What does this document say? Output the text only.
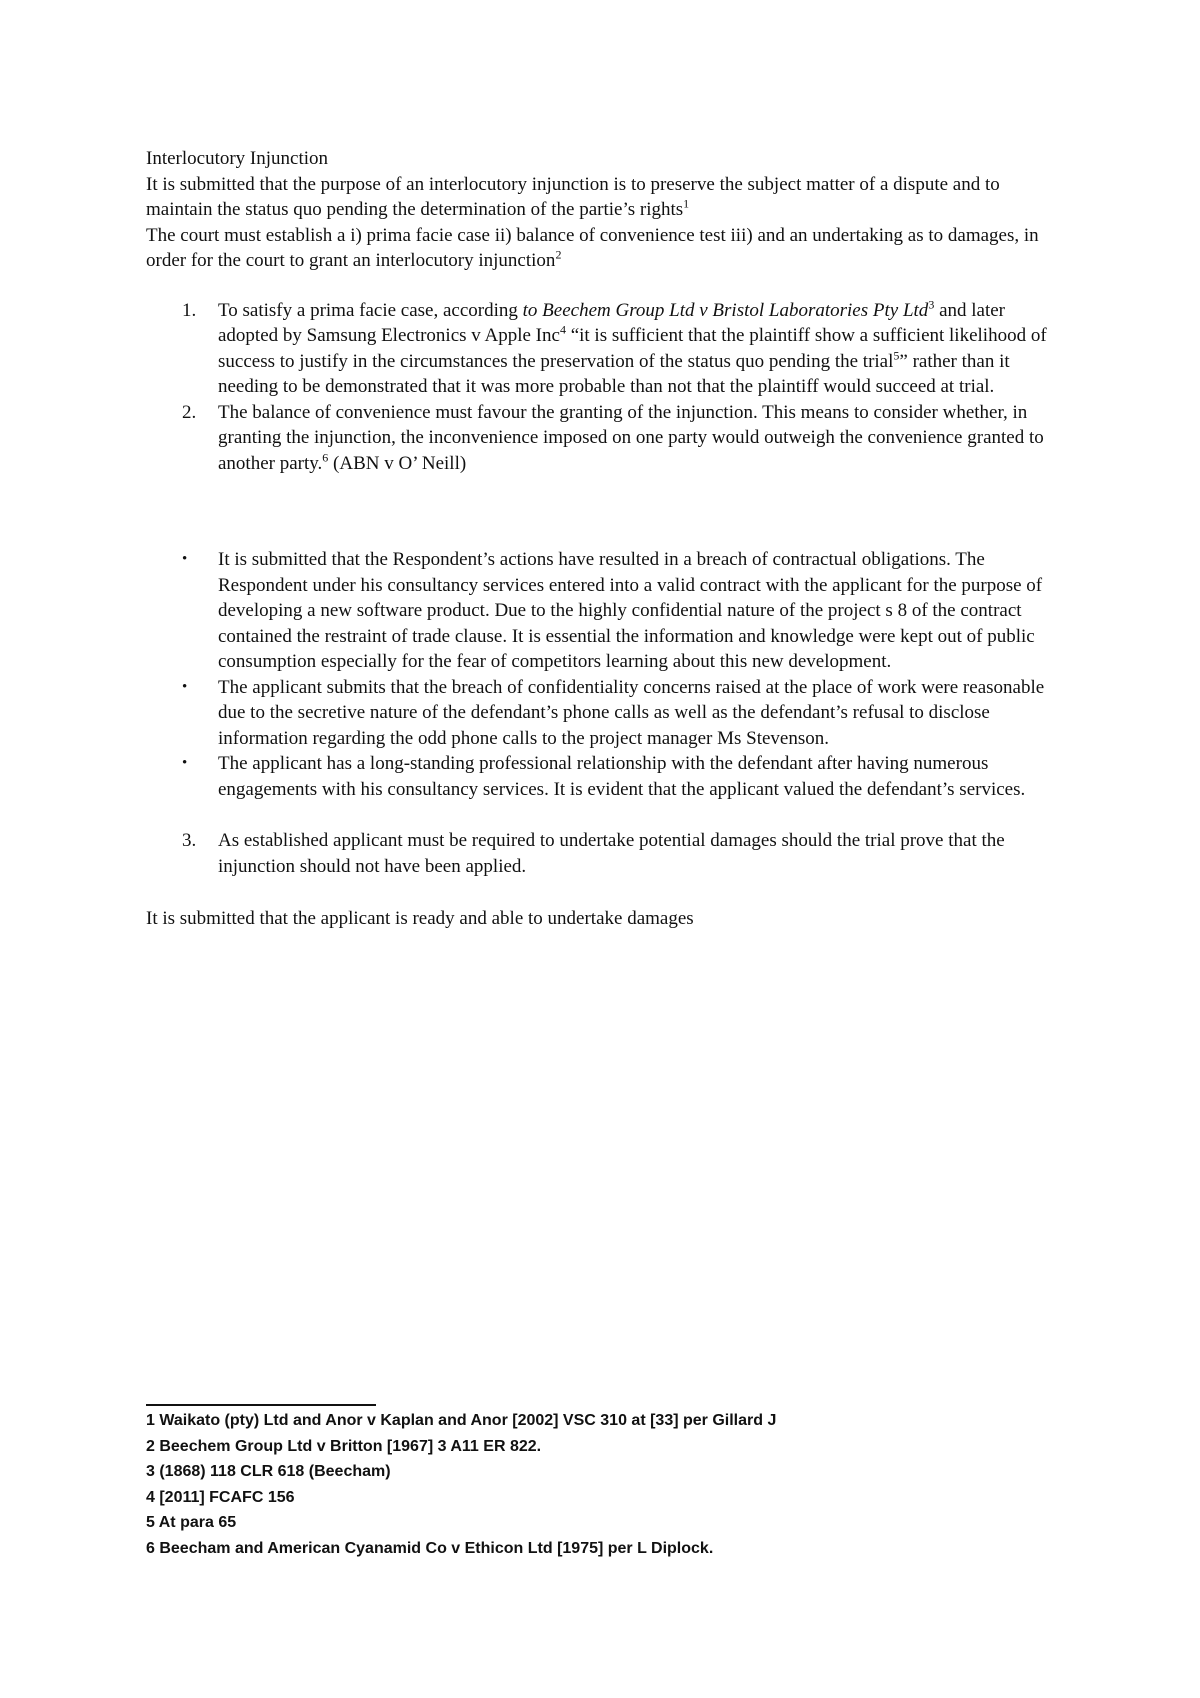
Interlocutory Injunction

It is submitted that the purpose of an interlocutory injunction is to preserve the subject matter of a dispute and to maintain the status quo pending the determination of the partie’s rights$^1$

The court must establish a i) prima facie case ii) balance of convenience test iii) and an undertaking as to damages, in order for the court to grant an interlocutory injunction$^2$

1. To satisfy a prima facie case, according to Beechem Group Ltd v Bristol Laboratories Pty Ltd$^3$ and later adopted by Samsung Electronics v Apple Inc$^4$ “it is sufficient that the plaintiff show a sufficient likelihood of success to justify in the circumstances the preservation of the status quo pending the trial$^5$” rather than it needing to be demonstrated that it was more probable than not that the plaintiff would succeed at trial.
2. The balance of convenience must favour the granting of the injunction. This means to consider whether, in granting the injunction, the inconvenience imposed on one party would outweigh the convenience granted to another party.$^6$ (ABN v O’ Neill)
• It is submitted that the Respondent’s actions have resulted in a breach of contractual obligations. The Respondent under his consultancy services entered into a valid contract with the applicant for the purpose of developing a new software product. Due to the highly confidential nature of the project s 8 of the contract contained the restraint of trade clause. It is essential the information and knowledge were kept out of public consumption especially for the fear of competitors learning about this new development.
• The applicant submits that the breach of confidentiality concerns raised at the place of work were reasonable due to the secretive nature of the defendant’s phone calls as well as the defendant’s refusal to disclose information regarding the odd phone calls to the project manager Ms Stevenson.
• The applicant has a long-standing professional relationship with the defendant after having numerous engagements with his consultancy services. It is evident that the applicant valued the defendant’s services.
3. As established applicant must be required to undertake potential damages should the trial prove that the injunction should not have been applied.

It is submitted that the applicant is ready and able to undertake damages

1 Waikato (pty) Ltd and Anor v Kaplan and Anor [2002] VSC 310 at [33] per Gillard J
2 Beechem Group Ltd v Britton [1967] 3 A11 ER 822.
3 (1868) 118 CLR 618 (Beecham)
4 [2011] FCAFC 156
5 At para 65
6 Beecham and American Cyanamid Co v Ethicon Ltd [1975] per L Diplock.
